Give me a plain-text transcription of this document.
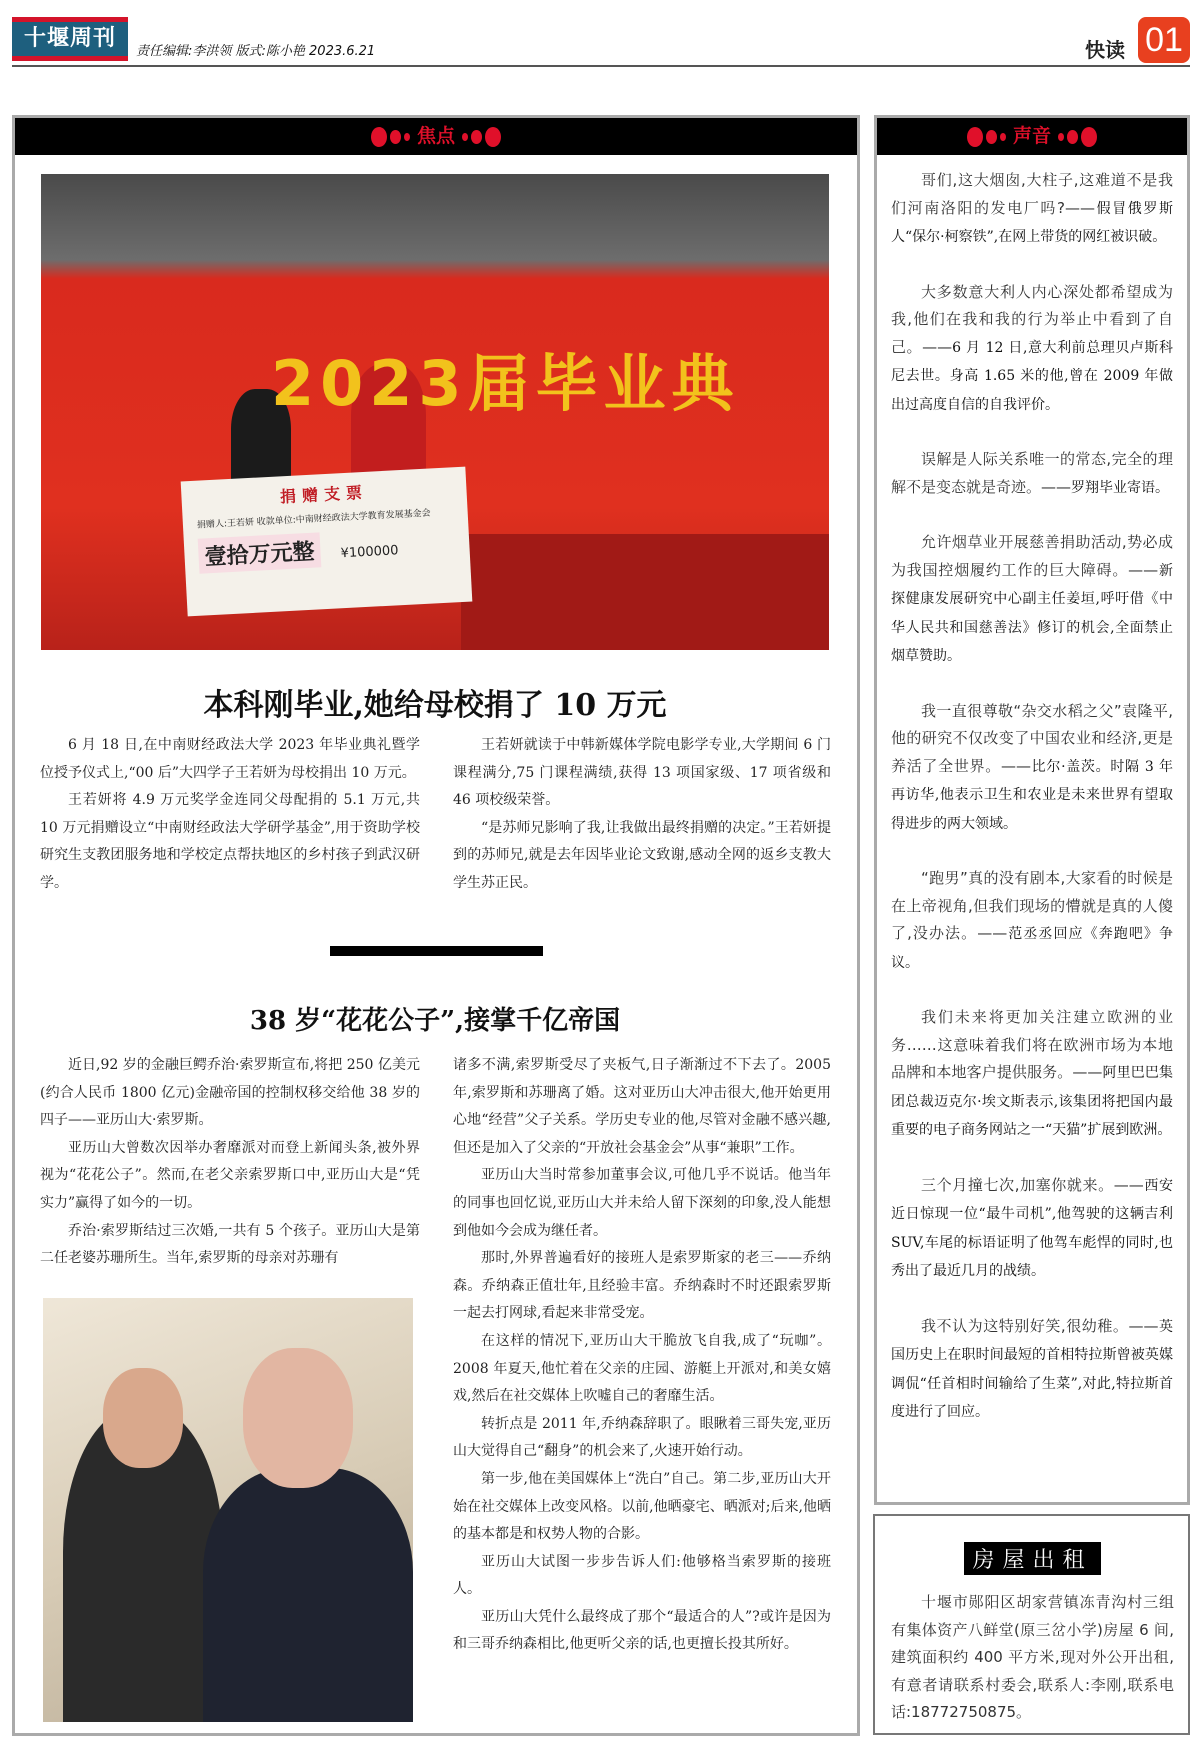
十堰周刊
责任编辑:李洪领 版式:陈小艳 2023.6.21	快读 01
焦点
2023届毕业典
捐赠支票
捐赠人:王若妍 收款单位:中南财经政法大学教育发展基金会
壹拾万元整 ¥100000
本科刚毕业,她给母校捐了 10 万元

6 月 18 日,在中南财经政法大学 2023 年毕业典礼暨学位授予仪式上,“00 后”大四学子王若妍为母校捐出 10 万元。

王若妍将 4.9 万元奖学金连同父母配捐的 5.1 万元,共 10 万元捐赠设立“中南财经政法大学研学基金”,用于资助学校研究生支教团服务地和学校定点帮扶地区的乡村孩子到武汉研学。

王若妍就读于中韩新媒体学院电影学专业,大学期间 6 门课程满分,75 门课程满绩,获得 13 项国家级、17 项省级和 46 项校级荣誉。

“是苏师兄影响了我,让我做出最终捐赠的决定。”王若妍提到的苏师兄,就是去年因毕业论文致谢,感动全网的返乡支教大学生苏正民。

38 岁“花花公子”,接掌千亿帝国

近日,92 岁的金融巨鳄乔治·索罗斯宣布,将把 250 亿美元(约合人民币 1800 亿元)金融帝国的控制权移交给他 38 岁的四子——亚历山大·索罗斯。

亚历山大曾数次因举办奢靡派对而登上新闻头条,被外界视为“花花公子”。然而,在老父亲索罗斯口中,亚历山大是“凭实力”赢得了如今的一切。

乔治·索罗斯结过三次婚,一共有 5 个孩子。亚历山大是第二任老婆苏珊所生。当年,索罗斯的母亲对苏珊有

诸多不满,索罗斯受尽了夹板气,日子渐渐过不下去了。2005 年,索罗斯和苏珊离了婚。这对亚历山大冲击很大,他开始更用心地“经营”父子关系。学历史专业的他,尽管对金融不感兴趣,但还是加入了父亲的“开放社会基金会”从事“兼职”工作。

亚历山大当时常参加董事会议,可他几乎不说话。他当年的同事也回忆说,亚历山大并未给人留下深刻的印象,没人能想到他如今会成为继任者。

那时,外界普遍看好的接班人是索罗斯家的老三——乔纳森。乔纳森正值壮年,且经验丰富。乔纳森时不时还跟索罗斯一起去打网球,看起来非常受宠。

在这样的情况下,亚历山大干脆放飞自我,成了“玩咖”。2008 年夏天,他忙着在父亲的庄园、游艇上开派对,和美女嬉戏,然后在社交媒体上吹嘘自己的奢靡生活。

转折点是 2011 年,乔纳森辞职了。眼瞅着三哥失宠,亚历山大觉得自己“翻身”的机会来了,火速开始行动。

第一步,他在美国媒体上“洗白”自己。第二步,亚历山大开始在社交媒体上改变风格。以前,他晒豪宅、晒派对;后来,他晒的基本都是和权势人物的合影。

亚历山大试图一步步告诉人们:他够格当索罗斯的接班人。

亚历山大凭什么最终成了那个“最适合的人”?或许是因为和三哥乔纳森相比,他更听父亲的话,也更擅长投其所好。

声音
哥们,这大烟囱,大柱子,这难道不是我们河南洛阳的发电厂吗?——假冒俄罗斯人“保尔·柯察铁”,在网上带货的网红被识破。
大多数意大利人内心深处都希望成为我,他们在我和我的行为举止中看到了自己。——6 月 12 日,意大利前总理贝卢斯科尼去世。身高 1.65 米的他,曾在 2009 年做出过高度自信的自我评价。
误解是人际关系唯一的常态,完全的理解不是变态就是奇迹。——罗翔毕业寄语。
允许烟草业开展慈善捐助活动,势必成为我国控烟履约工作的巨大障碍。——新探健康发展研究中心副主任姜垣,呼吁借《中华人民共和国慈善法》修订的机会,全面禁止烟草赞助。
我一直很尊敬“杂交水稻之父”袁隆平,他的研究不仅改变了中国农业和经济,更是养活了全世界。——比尔·盖茨。时隔 3 年再访华,他表示卫生和农业是未来世界有望取得进步的两大领域。
“跑男”真的没有剧本,大家看的时候是在上帝视角,但我们现场的懵就是真的人傻了,没办法。——范丞丞回应《奔跑吧》争议。
我们未来将更加关注建立欧洲的业务……这意味着我们将在欧洲市场为本地品牌和本地客户提供服务。——阿里巴巴集团总裁迈克尔·埃文斯表示,该集团将把国内最重要的电子商务网站之一“天猫”扩展到欧洲。
三个月撞七次,加塞你就来。——西安近日惊现一位“最牛司机”,他驾驶的这辆吉利 SUV,车尾的标语证明了他驾车彪悍的同时,也秀出了最近几月的战绩。
我不认为这特别好笑,很幼稚。——英国历史上在职时间最短的首相特拉斯曾被英媒调侃“任首相时间输给了生菜”,对此,特拉斯首度进行了回应。
房屋出租
十堰市郧阳区胡家营镇冻青沟村三组有集体资产八鲜堂(原三岔小学)房屋 6 间,建筑面积约 400 平方米,现对外公开出租,有意者请联系村委会,联系人:李刚,联系电话:18772750875。
